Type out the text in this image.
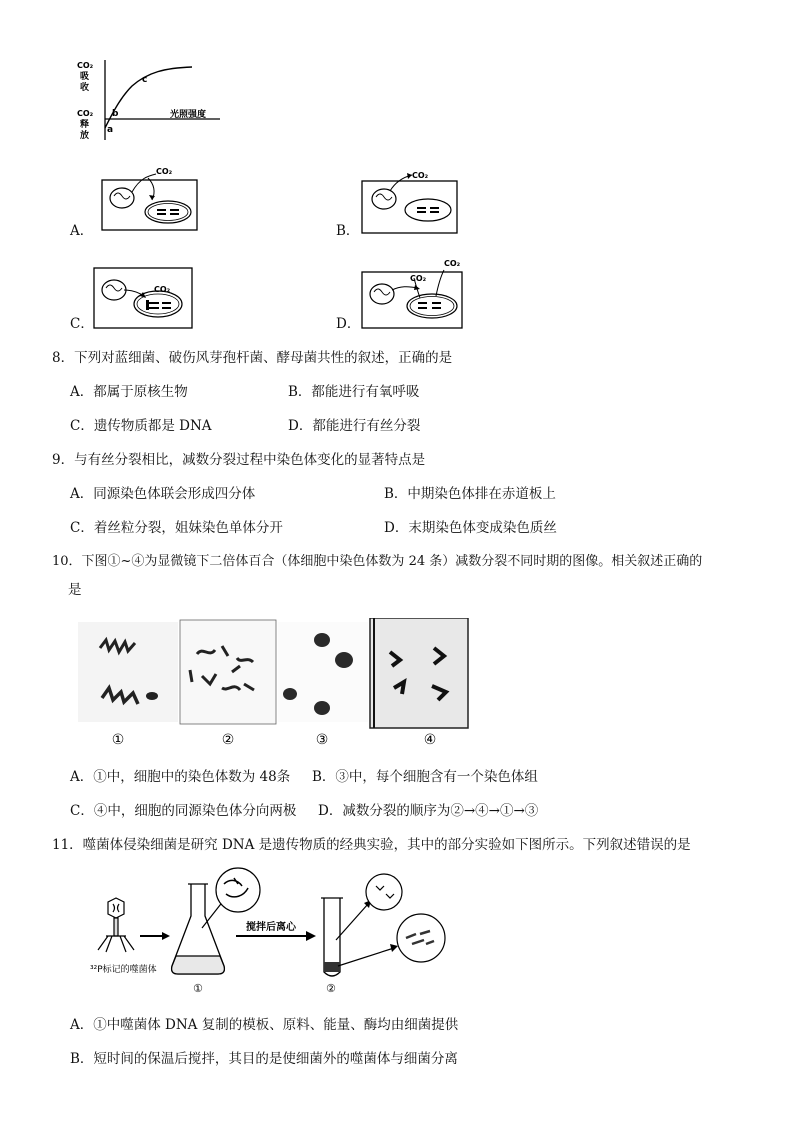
CO₂
吸
收
CO₂
释
放
a
b
c
光照强度
A．
CO₂
B．
CO₂
C．
CO₂
D．
CO₂
CO₂
8．下列对蓝细菌、破伤风芽孢杆菌、酵母菌共性的叙述，正确的是
A．都属于原核生物	B．都能进行有氧呼吸
C．遗传物质都是 DNA	D．都能进行有丝分裂
9．与有丝分裂相比，减数分裂过程中染色体变化的显著特点是
A．同源染色体联会形成四分体	B．中期染色体排在赤道板上
C．着丝粒分裂，姐妹染色单体分开	D．末期染色体变成染色质丝
10．下图①~④为显微镜下二倍体百合（体细胞中染色体数为 24 条）减数分裂不同时期的图像。相关叙述正确的
是
①	②	③	④
A．①中，细胞中的染色体数为 48条 B．③中，每个细胞含有一个染色体组
C．④中，细胞的同源染色体分向两极 D．减数分裂的顺序为②→④→①→③
11．噬菌体侵染细菌是研究 DNA 是遗传物质的经典实验，其中的部分实验如下图所示。下列叙述错误的是
³²P标记的噬菌体
①
搅拌后离心
②
A．①中噬菌体 DNA 复制的模板、原料、能量、酶均由细菌提供
B．短时间的保温后搅拌，其目的是使细菌外的噬菌体与细菌分离
